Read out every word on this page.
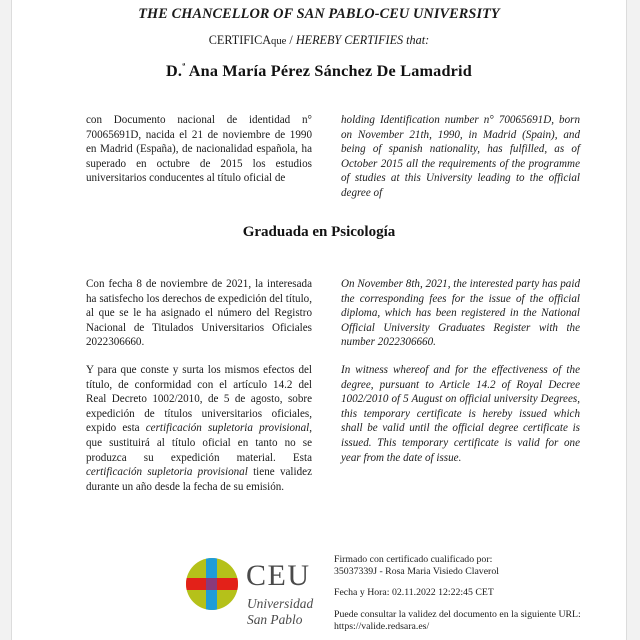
THE CHANCELLOR OF SAN PABLO-CEU UNIVERSITY
CERTIFICAque / HEREBY CERTIFIES that:
D.$^ª$ Ana María Pérez Sánchez De Lamadrid

con Documento nacional de identidad n° 70065691D, nacida el 21 de noviembre de 1990 en Madrid (España), de nacionalidad española, ha superado en octubre de 2015 los estudios universitarios conducentes al título oficial de

holding Identification number n° 70065691D, born on November 21th, 1990, in Madrid (Spain), and being of spanish nationality, has fulfilled, as of October 2015 all the requirements of the programme of studies at this University leading to the official degree of

Graduada en Psicología

Con fecha 8 de noviembre de 2021, la interesada ha satisfecho los derechos de expedición del título, al que se le ha asignado el número del Registro Nacional de Titulados Universitarios Oficiales 2022306660.

Y para que conste y surta los mismos efectos del título, de conformidad con el artículo 14.2 del Real Decreto 1002/2010, de 5 de agosto, sobre expedición de títulos universitarios oficiales, expido esta certificación supletoria provisional, que sustituirá al título oficial en tanto no se produzca su expedición material. Esta certificación supletoria provisional tiene validez durante un año desde la fecha de su emisión.

On November 8th, 2021, the interested party has paid the corresponding fees for the issue of the official diploma, which has been registered in the National Official University Graduates Register with the number 2022306660.

In witness whereof and for the effectiveness of the degree, pursuant to Article 14.2 of Royal Decree 1002/2010 of 5 August on official university Degrees, this temporary certificate is hereby issued which shall be valid until the official degree certificate is issued. This temporary certificate is valid for one year from the date of issue.

CEU
Universidad
San Pablo
Firmado con certificado cualificado por:
35037339J - Rosa Maria Visiedo Claverol
Fecha y Hora: 02.11.2022 12:22:45 CET
Puede consultar la validez del documento en la siguiente URL:
https://valide.redsara.es/
